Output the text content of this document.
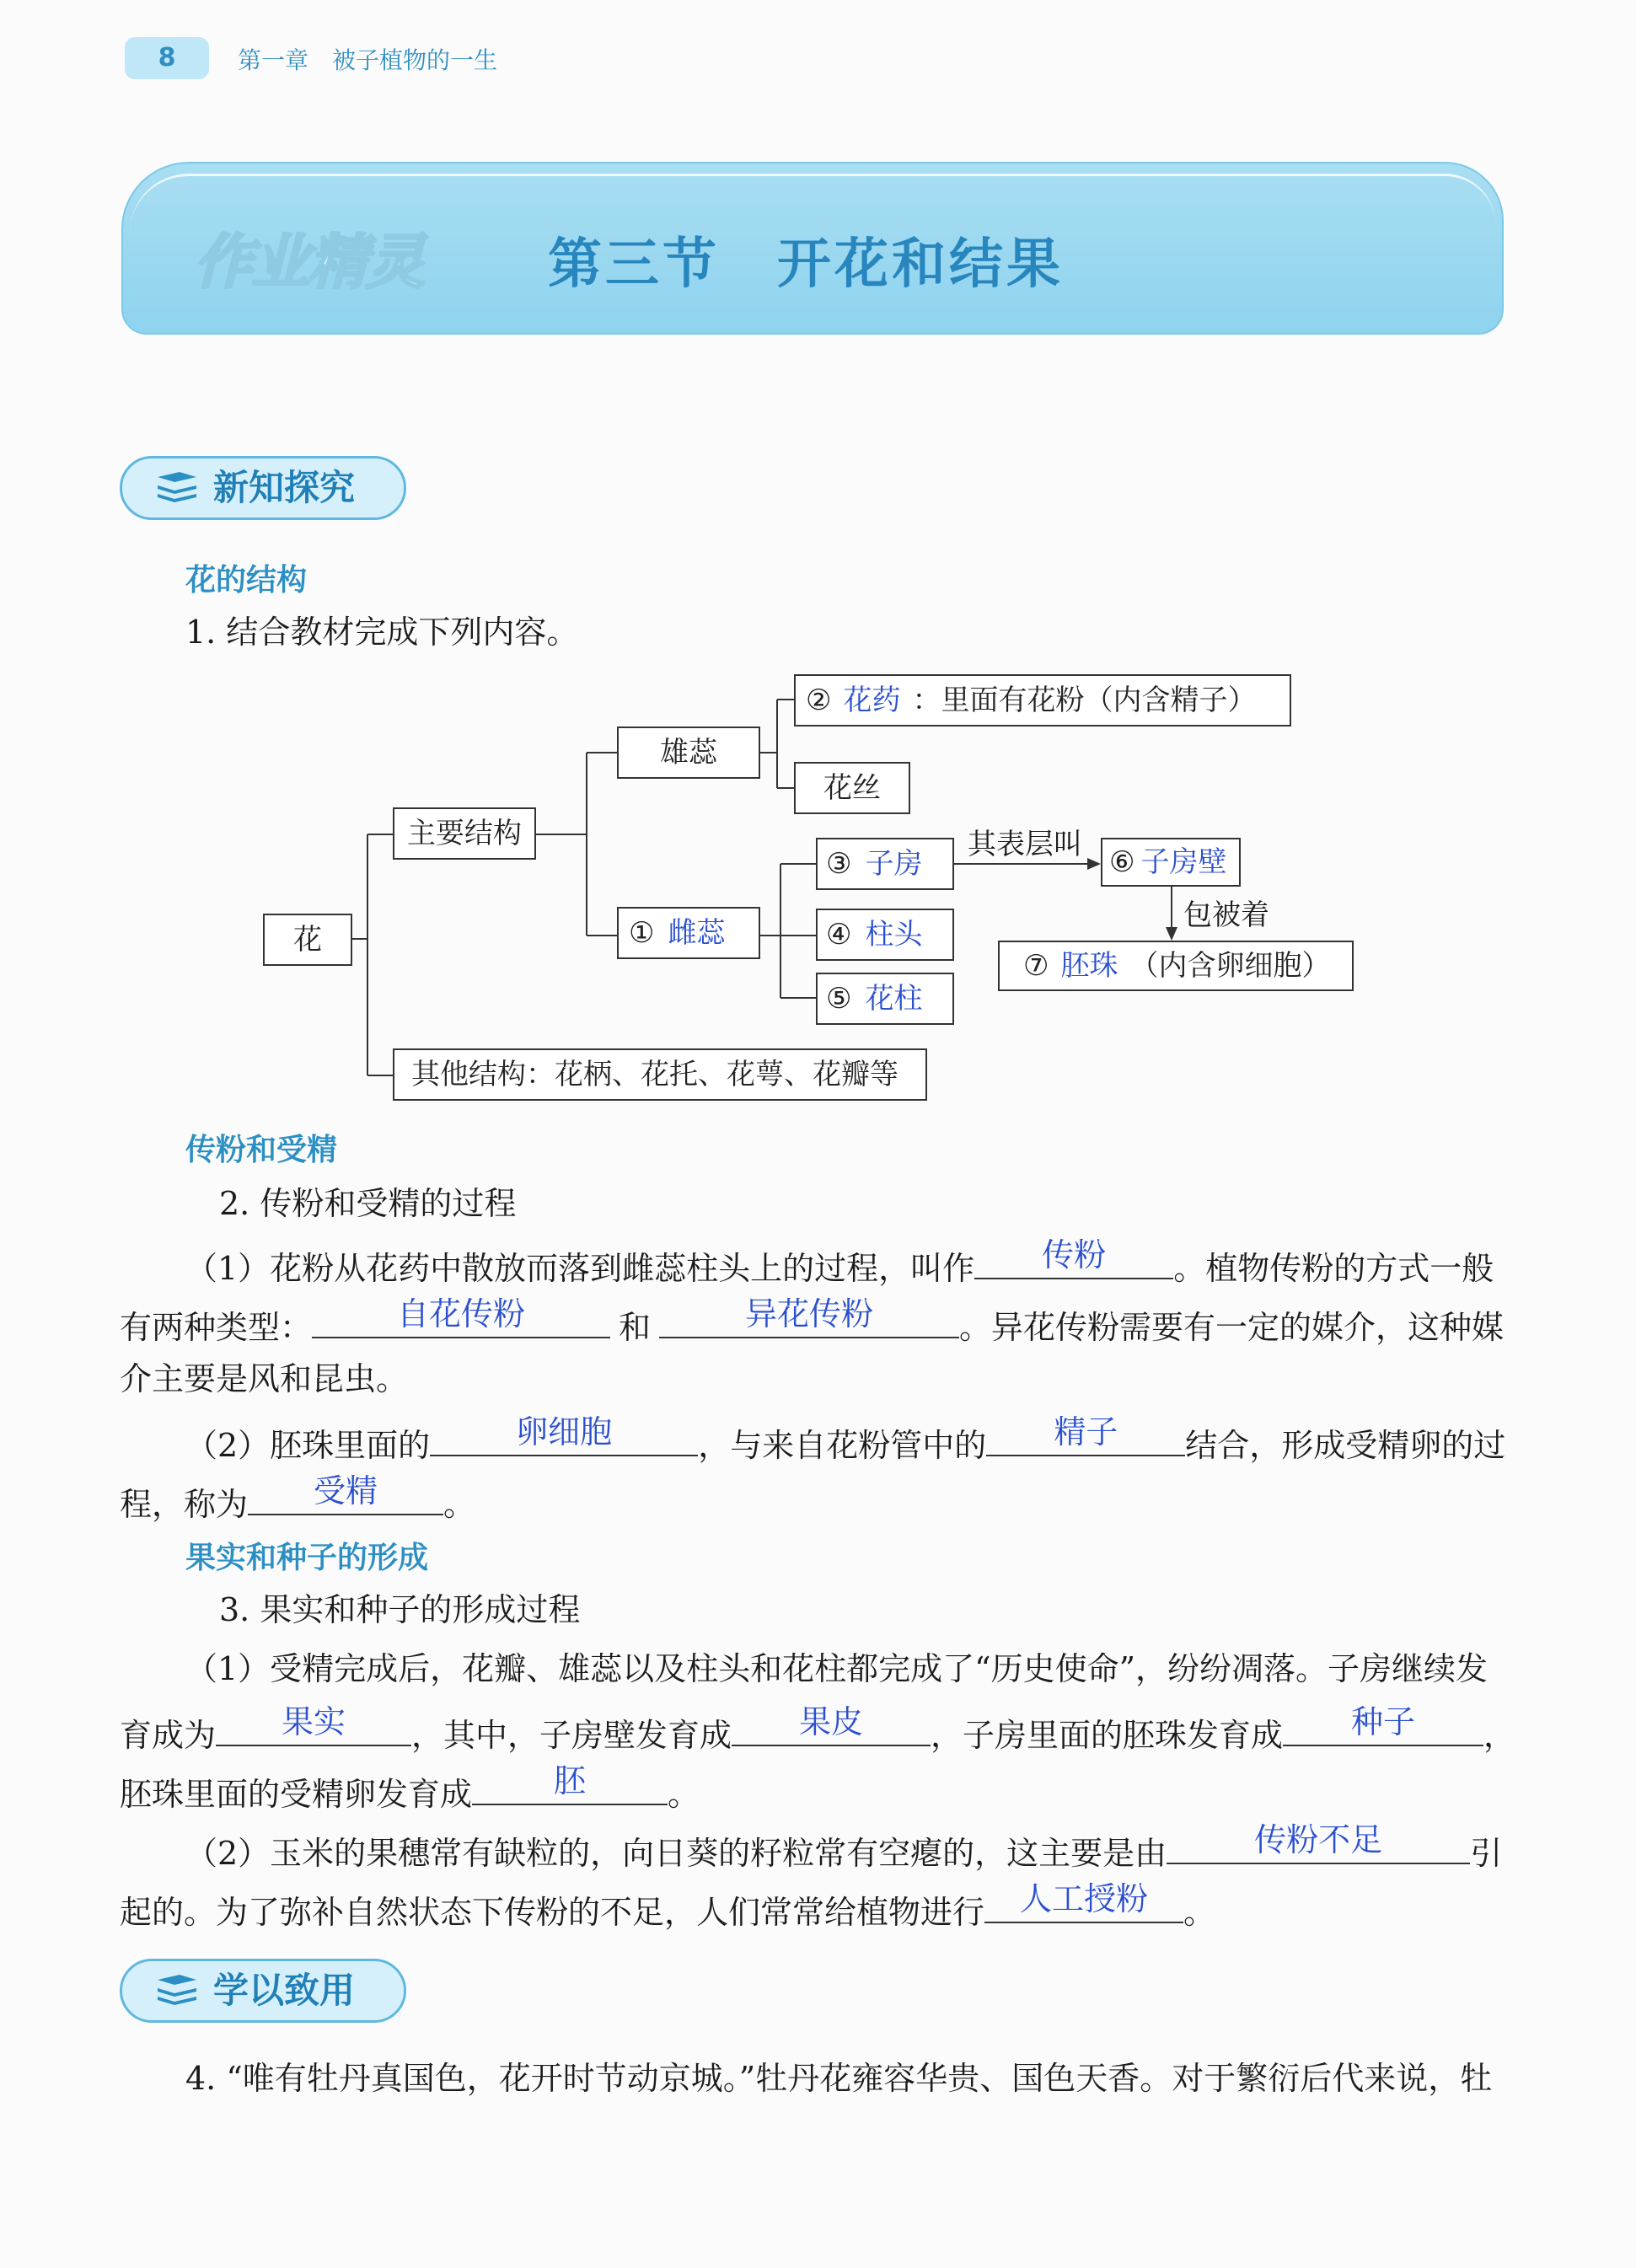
8	第一章　被子植物的一生
作业精灵 第三节　开花和结果
新知探究
花的结构
1. 结合教材完成下列内容。
花
主要结构
其他结构：花柄、花托、花萼、花瓣等
雄蕊
① 雌蕊
② 花药 ：里面有花粉（内含精子）
花丝
③ 子房
④ 柱头
⑤ 花柱
其表层叫
⑥ 子房壁
包被着
⑦ 胚珠 （内含卵细胞）
传粉和受精
2. 传粉和受精的过程
（1）花粉从花药中散放而落到雌蕊柱头上的过程，叫作	传粉	。植物传粉的方式一般
有两种类型：	自花传粉	和	异花传粉	。异花传粉需要有一定的媒介，这种媒
介主要是风和昆虫。
（2）胚珠里面的	卵细胞	，与来自花粉管中的	精子	结合，形成受精卵的过
程，称为	受精	。
果实和种子的形成
3. 果实和种子的形成过程
（1）受精完成后，花瓣、雄蕊以及柱头和花柱都完成了“历史使命”，纷纷凋落。子房继续发
育成为	果实	，其中，子房壁发育成	果皮	，子房里面的胚珠发育成	种子	，
胚珠里面的受精卵发育成	胚	。
（2）玉米的果穗常有缺粒的，向日葵的籽粒常有空瘪的，这主要是由	传粉不足	引
起的。为了弥补自然状态下传粉的不足，人们常常给植物进行	人工授粉	。
学以致用
4. “唯有牡丹真国色，花开时节动京城。”牡丹花雍容华贵、国色天香。对于繁衍后代来说，牡
